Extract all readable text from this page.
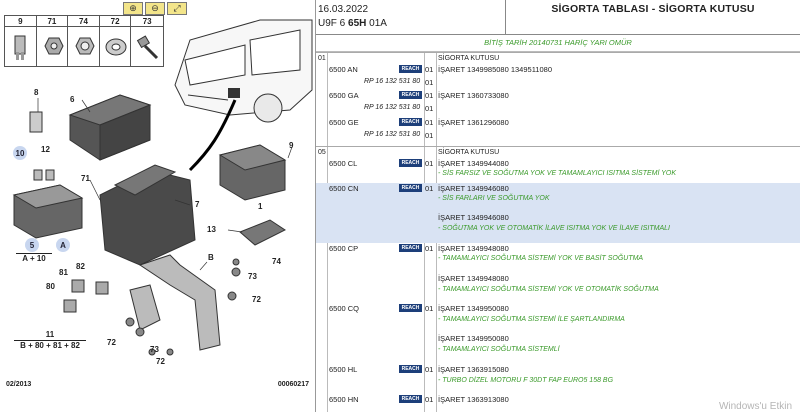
⊕	⊖	⤢
9	71	74	72	73
8
6
9
1
10	12
71
7
13
74
5	A
A + 10
81
82
80
B
73
72
72
73
72
11
B + 80 + 81 + 82
02/2013	00060217
16.03.2022
U9F 6 65H 01A
SİGORTA TABLASI - SİGORTA KUTUSU
BİTİŞ TARİH 20140731 HARİÇ YARI OMÜR
01	SİGORTA KUTUSU
6500 AN	REACH 01 İŞARET 1349985080 1349511080
RP 16 132 531 80 01
6500 GA	REACH 01 İŞARET 1360733080
RP 16 132 531 80 01
6500 GE	REACH 01 İŞARET 1361296080
RP 16 132 531 80 01
05	SİGORTA KUTUSU
6500 CL	REACH 01 İŞARET 1349944080
- SİS FARSIZ VE SOĞUTMA YOK VE TAMAMLAYICI ISITMA SİSTEMİ YOK
6500 CN	REACH 01 İŞARET 1349946080
- SİS FARLARI VE SOĞUTMA YOK
İŞARET 1349946080
- SOĞUTMA YOK VE OTOMATİK İLAVE ISITMA YOK VE İLAVE ISITMALI
6500 CP	REACH 01 İŞARET 1349948080
- TAMAMLAYICI SOĞUTMA SİSTEMİ YOK VE BASİT SOĞUTMA
İŞARET 1349948080
- TAMAMLAYICI SOĞUTMA SİSTEMİ YOK VE OTOMATİK SOĞUTMA
6500 CQ	REACH 01 İŞARET 1349950080
- TAMAMLAYICI SOĞUTMA SİSTEMİ İLE ŞARTLANDIRMA
İŞARET 1349950080
- TAMAMLAYICI SOĞUTMA SİSTEMLİ
6500 HL	REACH 01 İŞARET 1363915080
- TURBO DİZEL MOTORU F 30DT FAP EURO5 158 BG
6500 HN	REACH 01 İŞARET 1363913080
Windows'u Etkin
